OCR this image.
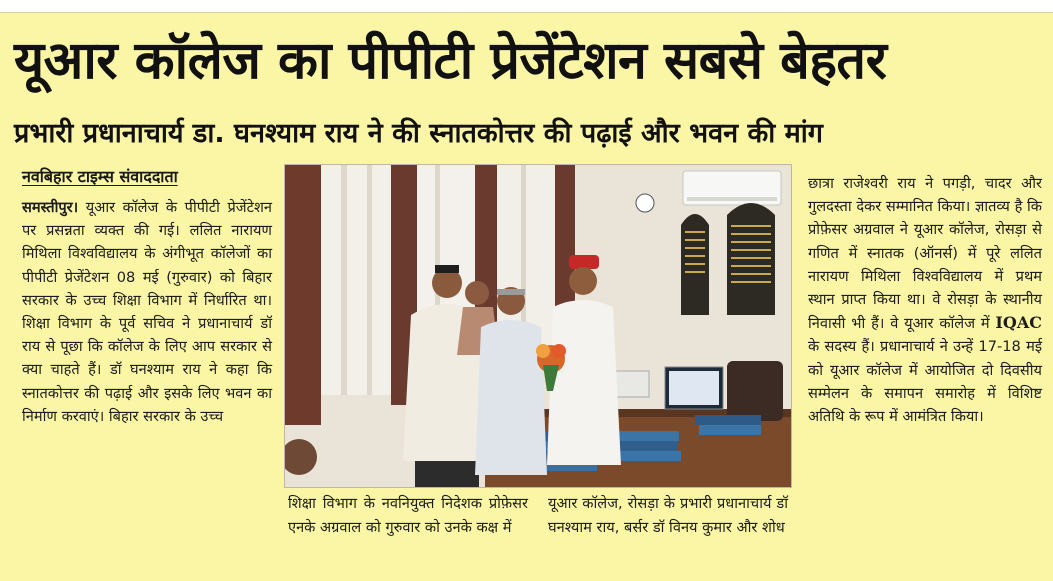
यूआर कॉलेज का पीपीटी प्रेजेंटेशन सबसे बेहतर
प्रभारी प्रधानाचार्य डा. घनश्याम राय ने की स्नातकोत्तर की पढ़ाई और भवन की मांग
नवबिहार टाइम्स संवाददाता

समस्तीपुर। यूआर कॉलेज के पीपीटी प्रेजेंटेशन पर प्रसन्नता व्यक्त की गई। ललित नारायण मिथिला विश्वविद्यालय के अंगीभूत कॉलेजों का पीपीटी प्रेजेंटेशन 08 मई (गुरुवार) को बिहार सरकार के उच्च शिक्षा विभाग में निर्धारित था। शिक्षा विभाग के पूर्व सचिव ने प्रधानाचार्य डॉ राय से पूछा कि कॉलेज के लिए आप सरकार से क्या चाहते हैं। डॉ घनश्याम राय ने कहा कि स्नातकोत्तर की पढ़ाई और इसके लिए भवन का निर्माण करवाएं। बिहार सरकार के उच्च

शिक्षा विभाग के नवनियुक्त निदेशक प्रोफ़ेसर एनके अग्रवाल को गुरुवार को उनके कक्ष में
यूआर कॉलेज, रोसड़ा के प्रभारी प्रधानाचार्य डॉ घनश्याम राय, बर्सर डॉ विनय कुमार और शोध

छात्रा राजेश्वरी राय ने पगड़ी, चादर और गुलदस्ता देकर सम्मानित किया। ज्ञातव्य है कि प्रोफ़ेसर अग्रवाल ने यूआर कॉलेज, रोसड़ा से गणित में स्नातक (ऑनर्स) में पूरे ललित नारायण मिथिला विश्वविद्यालय में प्रथम स्थान प्राप्त किया था। वे रोसड़ा के स्थानीय निवासी भी हैं। वे यूआर कॉलेज में IQAC के सदस्य हैं। प्रधानाचार्य ने उन्हें 17-18 मई को यूआर कॉलेज में आयोजित दो दिवसीय सम्मेलन के समापन समारोह में विशिष्ट अतिथि के रूप में आमंत्रित किया।
